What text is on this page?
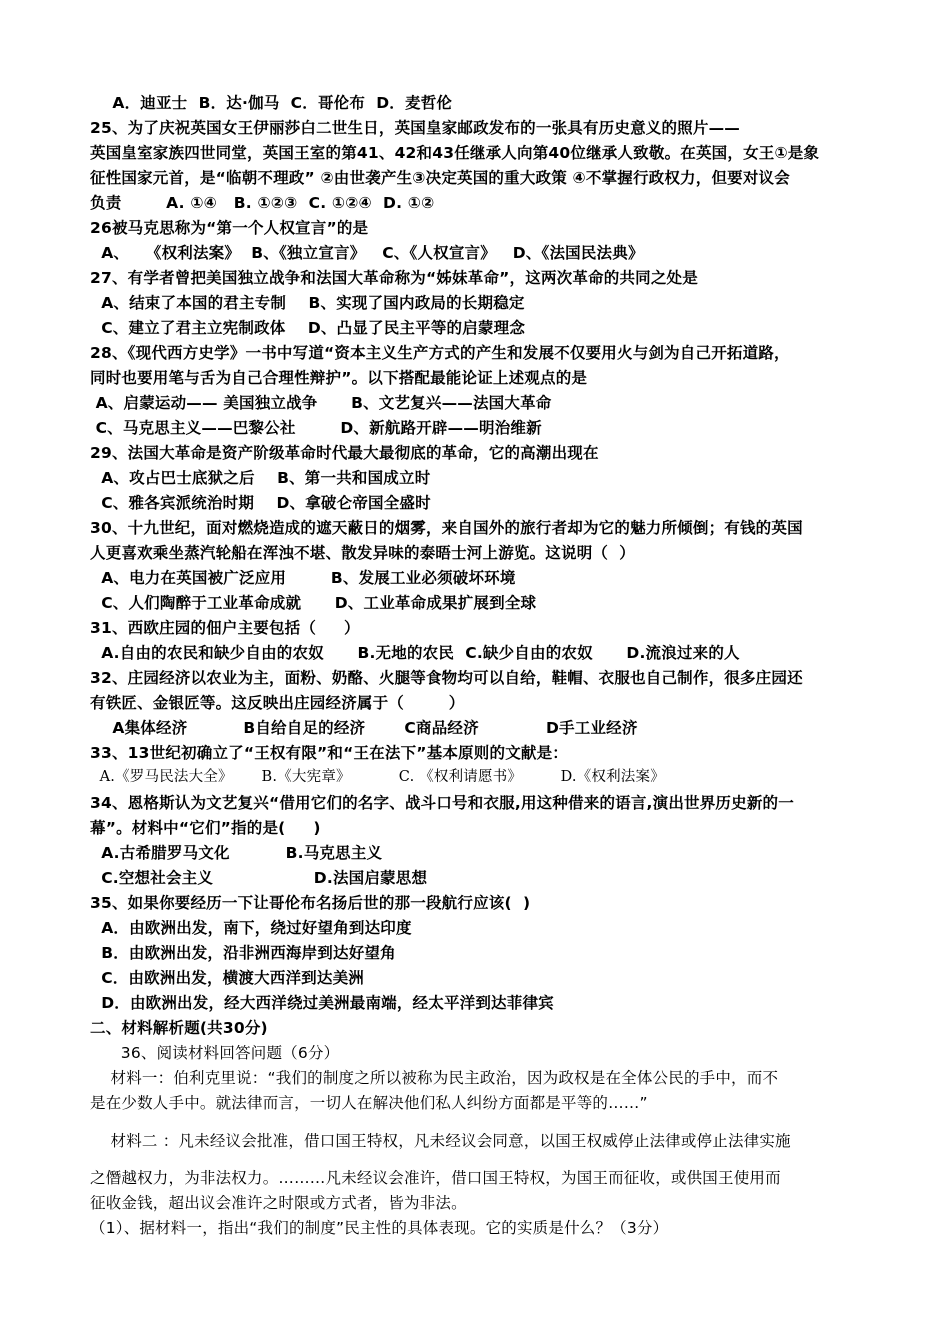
A．迪亚士  B．达·伽马  C．哥伦布  D．麦哲伦
25、为了庆祝英国女王伊丽莎白二世生日，英国皇家邮政发布的一张具有历史意义的照片——
英国皇室家族四世同堂，英国王室的第41、42和43任继承人向第40位继承人致敬。在英国，女王①是象
征性国家元首，是“临朝不理政” ②由世袭产生③决定英国的重大政策 ④不掌握行政权力，但要对议会
负责        A. ①④   B. ①②③  C. ①②④  D. ①②
26被马克思称为“第一个人权宣言”的是
A、   《权利法案》  B、《独立宣言》   C、《人权宣言》   D、《法国民法典》
27、有学者曾把美国独立战争和法国大革命称为“姊妹革命”，这两次革命的共同之处是
A、结束了本国的君主专制    B、实现了国内政局的长期稳定
C、建立了君主立宪制政体    D、凸显了民主平等的启蒙理念
28、《现代西方史学》一书中写道“资本主义生产方式的产生和发展不仅要用火与剑为自己开拓道路，
同时也要用笔与舌为自己合理性辩护”。以下搭配最能论证上述观点的是
A、启蒙运动—— 美国独立战争      B、文艺复兴——法国大革命
C、马克思主义——巴黎公社        D、新航路开辟——明治维新
29、法国大革命是资产阶级革命时代最大最彻底的革命，它的高潮出现在
A、攻占巴士底狱之后    B、第一共和国成立时
C、雅各宾派统治时期    D、拿破仑帝国全盛时
30、十九世纪，面对燃烧造成的遮天蔽日的烟雾，来自国外的旅行者却为它的魅力所倾倒；有钱的英国
人更喜欢乘坐蒸汽轮船在浑浊不堪、散发异味的泰晤士河上游览。这说明（  ）
A、电力在英国被广泛应用        B、发展工业必须破坏环境
C、人们陶醉于工业革命成就      D、工业革命成果扩展到全球
31、西欧庄园的佃户主要包括（     ）
A.自由的农民和缺少自由的农奴      B.无地的农民  C.缺少自由的农奴      D.流浪过来的人
32、庄园经济以农业为主，面粉、奶酪、火腿等食物均可以自给，鞋帽、衣服也自己制作，很多庄园还
有铁匠、金银匠等。这反映出庄园经济属于（        ）
A集体经济          B自给自足的经济       C商品经济            D手工业经济
33、13世纪初确立了“王权有限”和“王在法下”基本原则的文献是：
A.《罗马民法大全》      B.《大宪章》          C. 《权利请愿书》        D.《权利法案》
34、恩格斯认为文艺复兴“借用它们的名字、战斗口号和衣服,用这种借来的语言,演出世界历史新的一
幕”。材料中“它们”指的是(     )
A.古希腊罗马文化          B.马克思主义
C.空想社会主义                  D.法国启蒙思想
35、如果你要经历一下让哥伦布名扬后世的那一段航行应该(  )
A．由欧洲出发，南下，绕过好望角到达印度
B．由欧洲出发，沿非洲西海岸到达好望角
C．由欧洲出发，横渡大西洋到达美洲
D．由欧洲出发，经大西洋绕过美洲最南端，经太平洋到达菲律宾
二、材料解析题(共30分)
36、阅读材料回答问题（6分）
材料一：伯利克里说：“我们的制度之所以被称为民主政治，因为政权是在全体公民的手中，而不
是在少数人手中。就法律而言，一切人在解决他们私人纠纷方面都是平等的……”
材料二 ：凡未经议会批准，借口国王特权，凡未经议会同意，以国王权威停止法律或停止法律实施
之僭越权力，为非法权力。………凡未经议会准许，借口国王特权，为国王而征收，或供国王使用而
征收金钱，超出议会准许之时限或方式者，皆为非法。
（1）、据材料一，指出“我们的制度”民主性的具体表现。它的实质是什么？（3分）
